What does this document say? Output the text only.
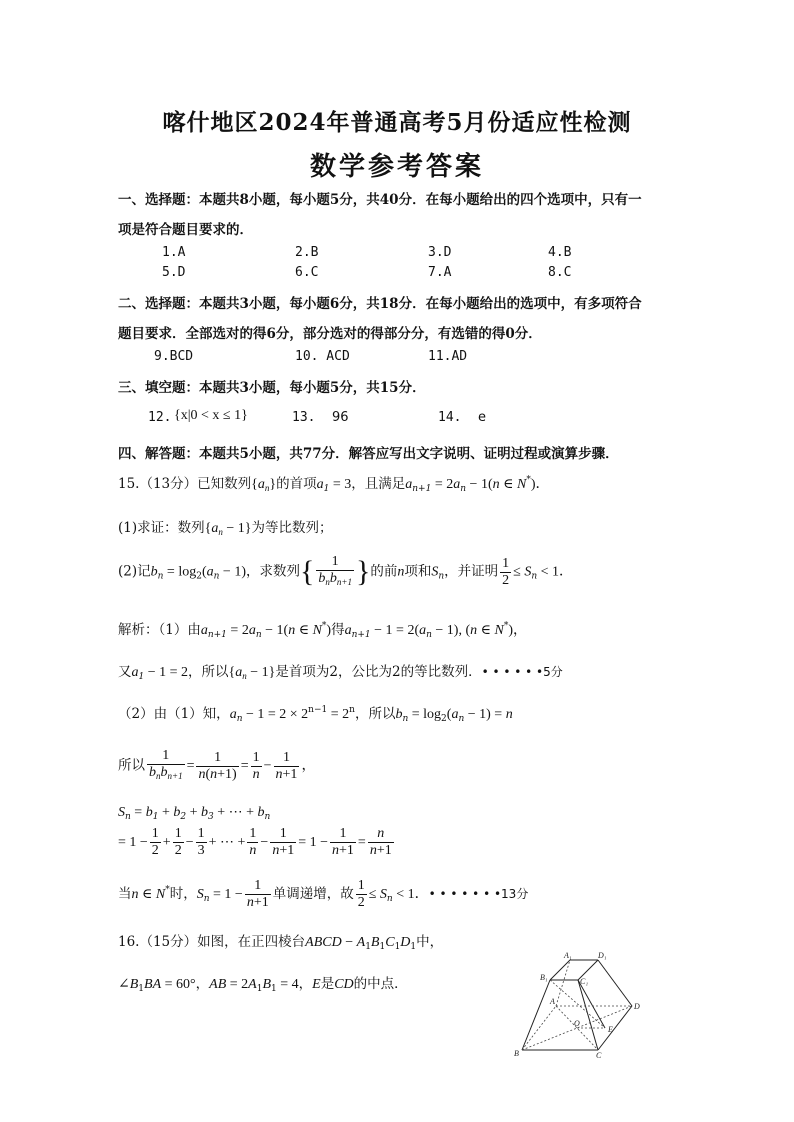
喀什地区2024年普通高考5月份适应性检测
数学参考答案
一、选择题：本题共8小题，每小题5分，共40分．在每小题给出的四个选项中，只有一
项是符合题目要求的．
1.A	2.B	3.D	4.B
5.D	6.C	7.A	8.C
二、选择题：本题共3小题，每小题6分，共18分．在每小题给出的选项中，有多项符合
题目要求．全部选对的得6分，部分选对的得部分分，有选错的得0分．
9.BCD	10. ACD	11.AD
三、填空题：本题共3小题，每小题5分，共15分．
12. {x|0 < x ≤ 1}	13. 96	14. e
四、解答题：本题共5小题，共77分．解答应写出文字说明、证明过程或演算步骤．
15.（13分）已知数列$\{a_n\}$的首项$a_1 = 3$，且满足$a_{n+1} = 2a_n - 1(n$ ∈ N*)．
(1)求证：数列$\{a_n - 1\}$为等比数列；
(2)记$b_n = \log_2(a_n - 1)$，求数列{ $\frac{1}{b_nb_{n+1}}$ }的前n项和$S_n$，并证明 $\frac{1}{2} \le S_n < 1$．
解析：（1）由$a_{n+1} = 2a_n - 1(n$ ∈ N*)得$a_{n+1} - 1 = 2(a_n - 1)$, (n ∈ N*)，
又$a_1 - 1 = 2$，所以$\{a_n - 1\}$是首项为2，公比为2的等比数列．• • • • • •5分
（2）由（1）知，$a_n - 1 = 2 \times 2^{n-1} = 2^n$，所以$b_n = \log_2(a_n - 1) = n$
所以 $\frac{1}{b_nb_{n+1}} = \frac{1}{n(n+1)} = \frac{1}{n} - \frac{1}{n+1}$ ，
$S_n = b_1 + b_2 + b_3$ + ⋯ + $b_n$
= $1 - \frac{1}{2} + \frac{1}{2} - \frac{1}{3}$ + ⋯ + $\frac{1}{n} - \frac{1}{n+1} = 1 - \frac{1}{n+1} = \frac{n}{n+1}$
当n ∈ N*时，$S_n = 1 - \frac{1}{n+1}$ 单调递增，故 $\frac{1}{2} \le S_n < 1$．• • • • • • •13分
16.（15分）如图，在正四棱台ABCD − $A_1B_1C_1D_1$中，
$\angle B_1BA = 60^\circ$，AB = $2A_1B_1 = 4$，E是CD的中点．
A₁	D₁
B₁	C₁
A
D
O
E
B	C
